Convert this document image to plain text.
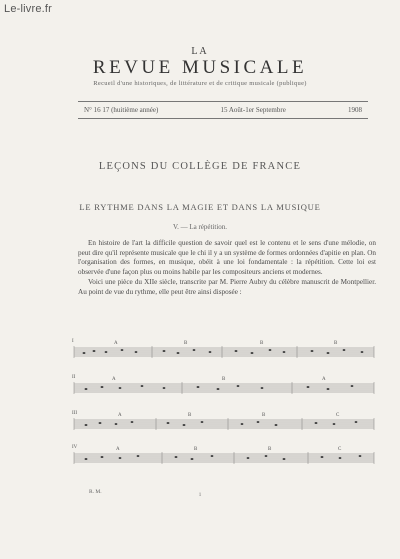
Le-livre.fr
LA
REVUE MUSICALE
Recueil d'une historiques, de littérature et de critique musicale (publique)
N° 16 17 (huitième année)	15 Août-1er Septembre	1908
LEÇONS DU COLLÈGE DE FRANCE
LE RYTHME DANS LA MAGIE ET DANS LA MUSIQUE
V. — La répétition.

En histoire de l'art la difficile question de savoir quel est le contenu et le sens d'une mélodie, on peut dire qu'il représente musicale que le chi il y a un système de formes ordonnées d'apitie en plan. On l'organisation des formes, en musique, obéit à une loi fondamentale : la répétition. Cette loi est observée d'une façon plus ou moins habile par les compositeurs anciens et modernes.

Voici une pièce du XIIe siècle, transcrite par M. Pierre Aubry du célèbre manuscrit de Montpellier. Au point de vue du rythme, elle peut être ainsi disposée :

I	A	B	B	B
II	A	B	A
III	A	B	B	C
IV	A	B	B	C
R. M.	1
